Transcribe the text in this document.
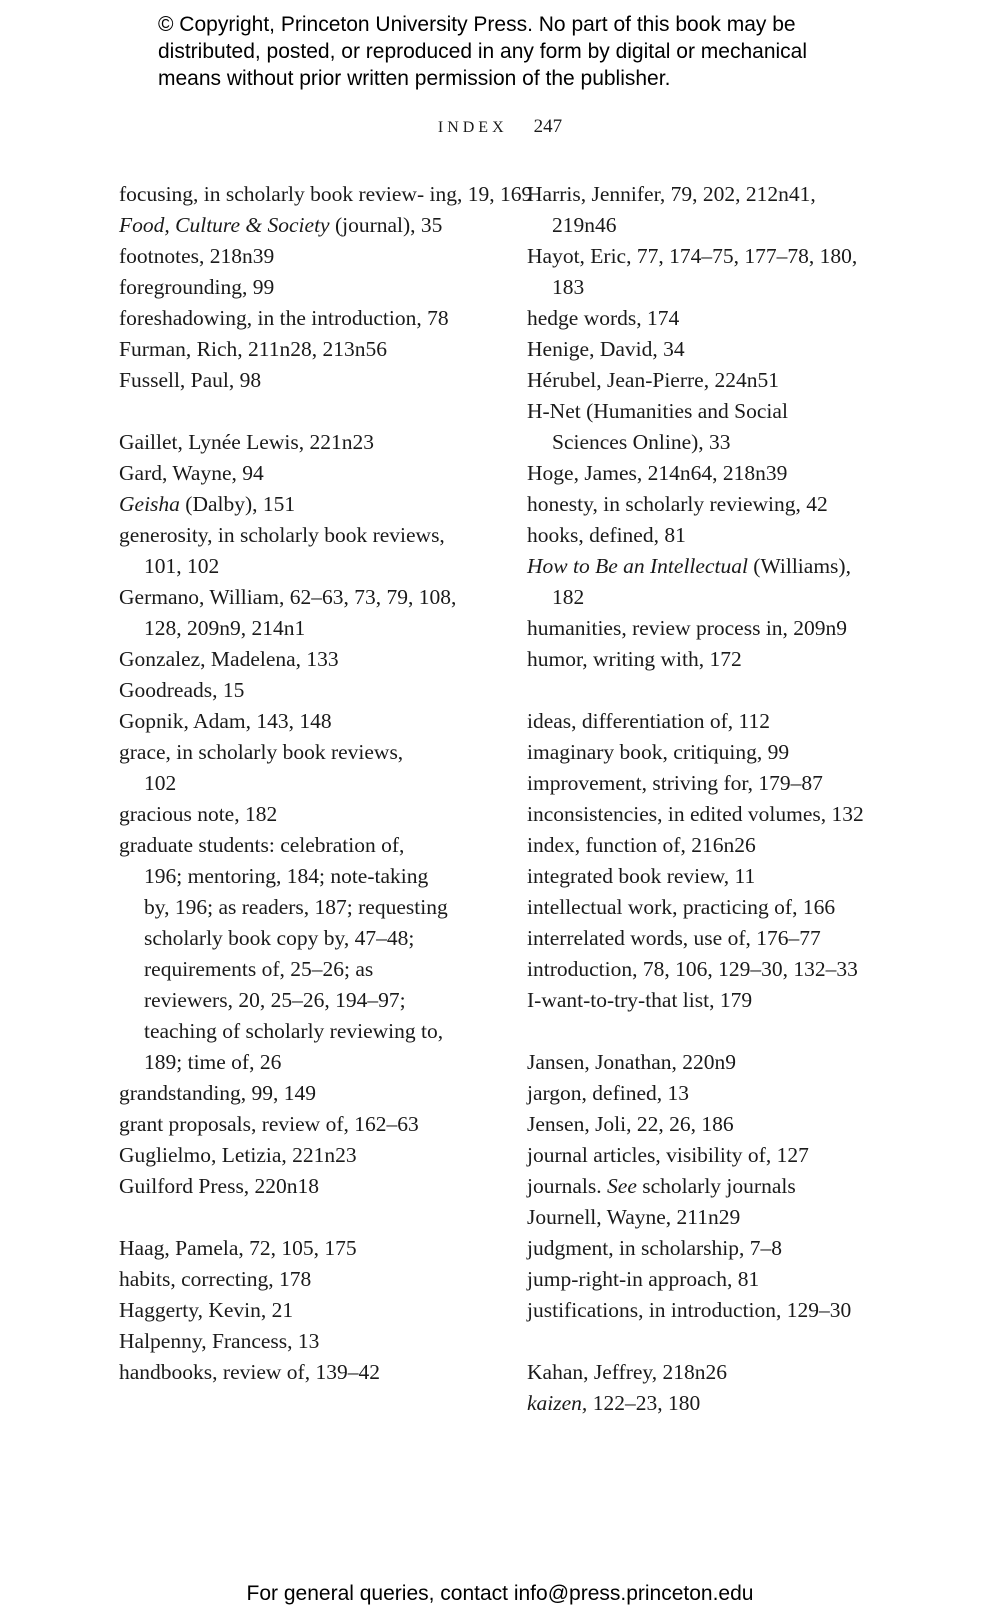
© Copyright, Princeton University Press. No part of this book may be
distributed, posted, or reproduced in any form by digital or mechanical
means without prior written permission of the publisher.
INDEX 247
focusing, in scholarly book review- ing, 19, 169
Food, Culture & Society (journal), 35
footnotes, 218n39
foregrounding, 99
foreshadowing, in the introduction, 78
Furman, Rich, 211n28, 213n56
Fussell, Paul, 98
Gaillet, Lynée Lewis, 221n23
Gard, Wayne, 94
Geisha (Dalby), 151
generosity, in scholarly book reviews,
101, 102
Germano, William, 62–63, 73, 79, 108,
128, 209n9, 214n1
Gonzalez, Madelena, 133
Goodreads, 15
Gopnik, Adam, 143, 148
grace, in scholarly book reviews,
102
gracious note, 182
graduate students: celebration of,
196; mentoring, 184; note-taking
by, 196; as readers, 187; requesting
scholarly book copy by, 47–48;
requirements of, 25–26; as
reviewers, 20, 25–26, 194–97;
teaching of scholarly reviewing to,
189; time of, 26
grandstanding, 99, 149
grant proposals, review of, 162–63
Guglielmo, Letizia, 221n23
Guilford Press, 220n18
Haag, Pamela, 72, 105, 175
habits, correcting, 178
Haggerty, Kevin, 21
Halpenny, Francess, 13
handbooks, review of, 139–42
Harris, Jennifer, 79, 202, 212n41,
219n46
Hayot, Eric, 77, 174–75, 177–78, 180,
183
hedge words, 174
Henige, David, 34
Hérubel, Jean-Pierre, 224n51
H-Net (Humanities and Social
Sciences Online), 33
Hoge, James, 214n64, 218n39
honesty, in scholarly reviewing, 42
hooks, defined, 81
How to Be an Intellectual (Williams),
182
humanities, review process in, 209n9
humor, writing with, 172
ideas, differentiation of, 112
imaginary book, critiquing, 99
improvement, striving for, 179–87
inconsistencies, in edited volumes, 132
index, function of, 216n26
integrated book review, 11
intellectual work, practicing of, 166
interrelated words, use of, 176–77
introduction, 78, 106, 129–30, 132–33
I-want-to-try-that list, 179
Jansen, Jonathan, 220n9
jargon, defined, 13
Jensen, Joli, 22, 26, 186
journal articles, visibility of, 127
journals. See scholarly journals
Journell, Wayne, 211n29
judgment, in scholarship, 7–8
jump-right-in approach, 81
justifications, in introduction, 129–30
Kahan, Jeffrey, 218n26
kaizen, 122–23, 180
For general queries, contact info@press.princeton.edu
